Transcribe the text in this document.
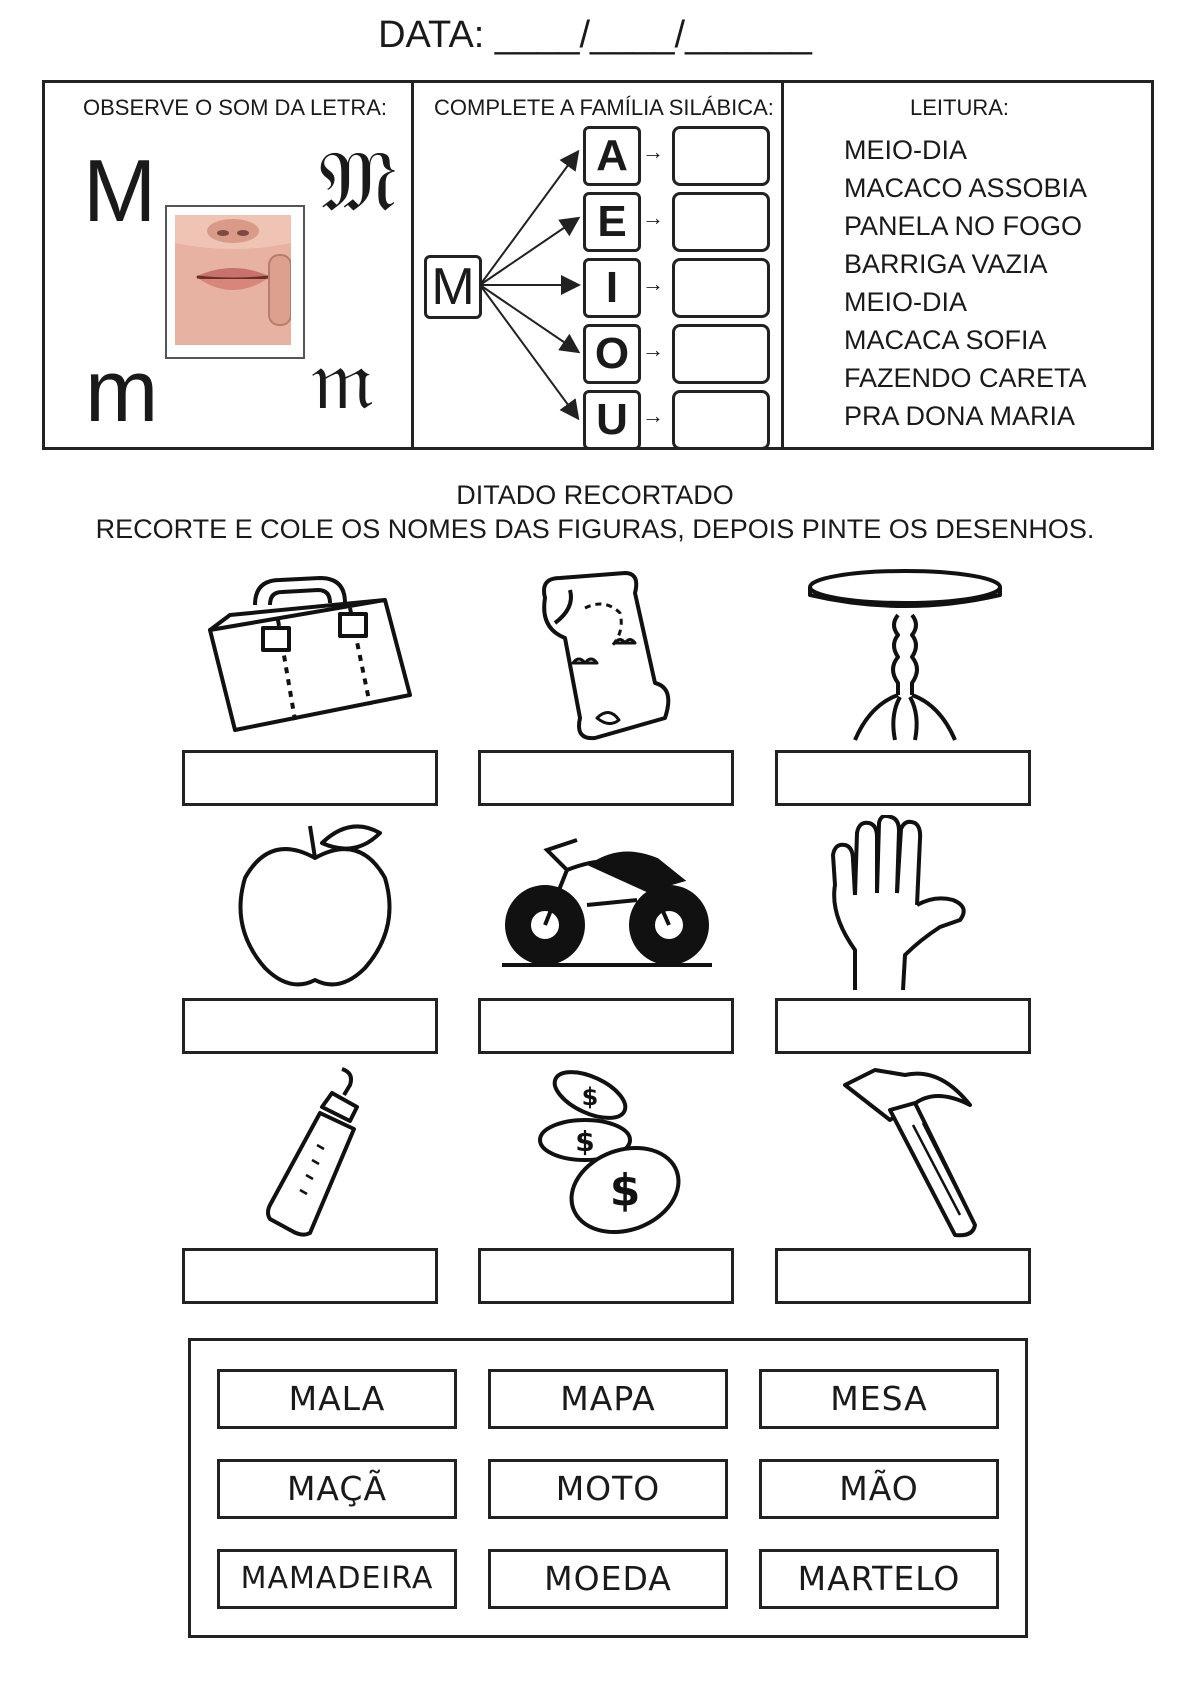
DATA: ____/____/______
OBSERVE O SOM DA LETRA:
M
m
𝔐
𝔪
COMPLETE A FAMÍLIA SILÁBICA:
M
A
E
I
O
U
→
→
→
→
→
LEITURA:
MEIO-DIA
MACACO ASSOBIA
PANELA NO FOGO
BARRIGA VAZIA
MEIO-DIA
MACACA SOFIA
FAZENDO CARETA
PRA DONA MARIA
DITADO RECORTADO
RECORTE E COLE OS NOMES DAS FIGURAS, DEPOIS PINTE OS DESENHOS.
$
$
$
MALA	MAPA	MESA
MAÇÃ	MOTO	MÃO
MAMADEIRA	MOEDA	MARTELO
